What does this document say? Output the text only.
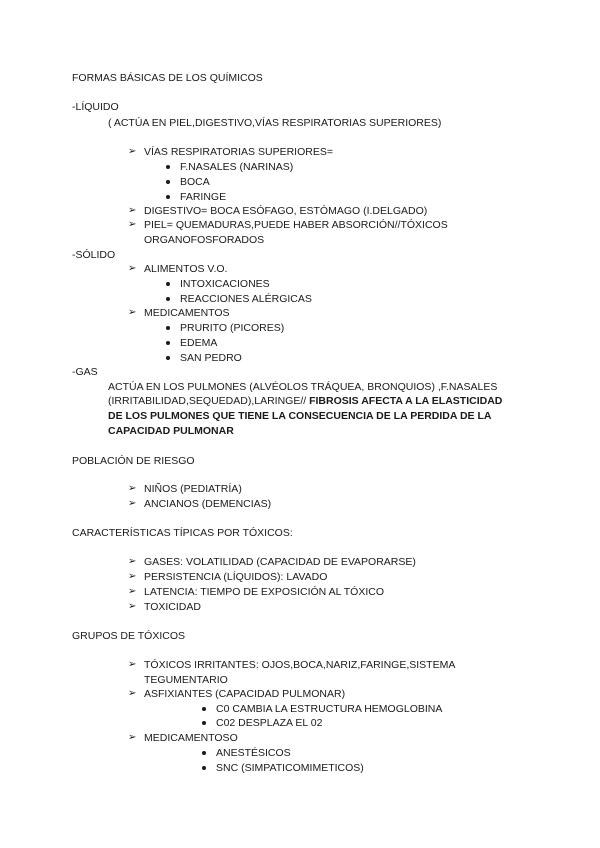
FORMAS BÁSICAS DE LOS QUÍMICOS
-LÍQUIDO
( ACTÚA EN PIEL,DIGESTIVO,VÍAS RESPIRATORIAS SUPERIORES)
➢ VÍAS RESPIRATORIAS SUPERIORES=
F.NASALES (NARINAS)
BOCA
FARINGE
➢ DIGESTIVO= BOCA ESÓFAGO, ESTÓMAGO (I.DELGADO)
➢ PIEL= QUEMADURAS,PUEDE HABER ABSORCIÓN//TÓXICOS
ORGANOFOSFORADOS
-SÓLIDO
➢ ALIMENTOS V.O.
INTOXICACIONES
REACCIONES ALÉRGICAS
➢ MEDICAMENTOS
PRURITO (PICORES)
EDEMA
SAN PEDRO
-GAS
ACTÚA EN LOS PULMONES (ALVÉOLOS TRÁQUEA, BRONQUIOS) ,F.NASALES
(IRRITABILIDAD,SEQUEDAD),LARINGE// FIBROSIS AFECTA A LA ELASTICIDAD
DE LOS PULMONES QUE TIENE LA CONSECUENCIA DE LA PERDIDA DE LA
CAPACIDAD PULMONAR
POBLACIÓN DE RIESGO
➢ NIÑOS (PEDIATRÍA)
➢ ANCIANOS (DEMENCIAS)
CARACTERÍSTICAS TÍPICAS POR TÓXICOS:
➢ GASES: VOLATILIDAD (CAPACIDAD DE EVAPORARSE)
➢ PERSISTENCIA (LÍQUIDOS): LAVADO
➢ LATENCIA: TIEMPO DE EXPOSICIÓN AL TÓXICO
➢ TOXICIDAD
GRUPOS DE TÓXICOS
➢ TÓXICOS IRRITANTES: OJOS,BOCA,NARIZ,FARINGE,SISTEMA
TEGUMENTARIO
➢ ASFIXIANTES (CAPACIDAD PULMONAR)
C0 CAMBIA LA ESTRUCTURA HEMOGLOBINA
C02 DESPLAZA EL 02
➢ MEDICAMENTOSO
ANESTÉSICOS
SNC (SIMPATICOMIMETICOS)
